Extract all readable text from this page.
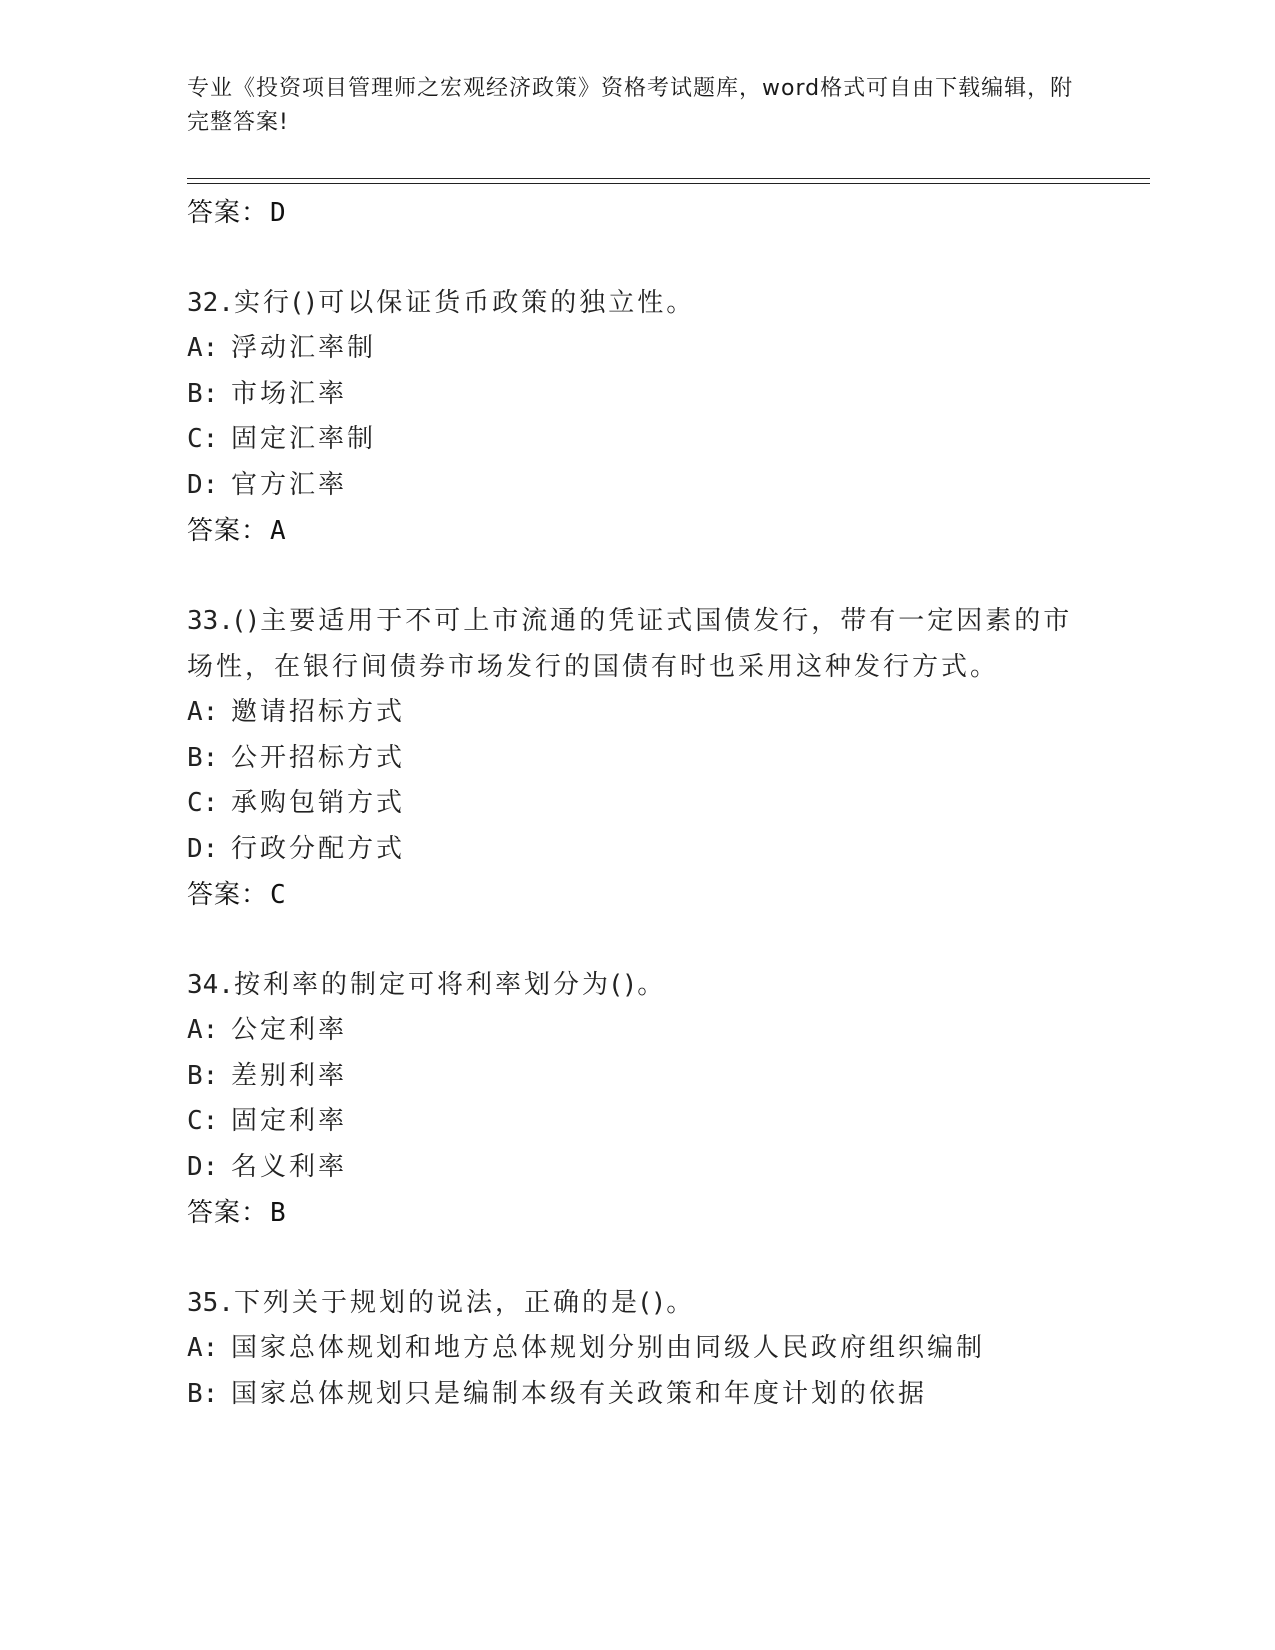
专业《投资项目管理师之宏观经济政策》资格考试题库，word格式可自由下载编辑，附完整答案!
答案：D
32.实行()可以保证货币政策的独立性。
A: 浮动汇率制
B: 市场汇率
C: 固定汇率制
D: 官方汇率
答案：A
33.()主要适用于不可上市流通的凭证式国债发行，带有一定因素的市场性，在银行间债券市场发行的国债有时也采用这种发行方式。
A: 邀请招标方式
B: 公开招标方式
C: 承购包销方式
D: 行政分配方式
答案：C
34.按利率的制定可将利率划分为()。
A: 公定利率
B: 差别利率
C: 固定利率
D: 名义利率
答案：B
35.下列关于规划的说法，正确的是()。
A: 国家总体规划和地方总体规划分别由同级人民政府组织编制
B: 国家总体规划只是编制本级有关政策和年度计划的依据
